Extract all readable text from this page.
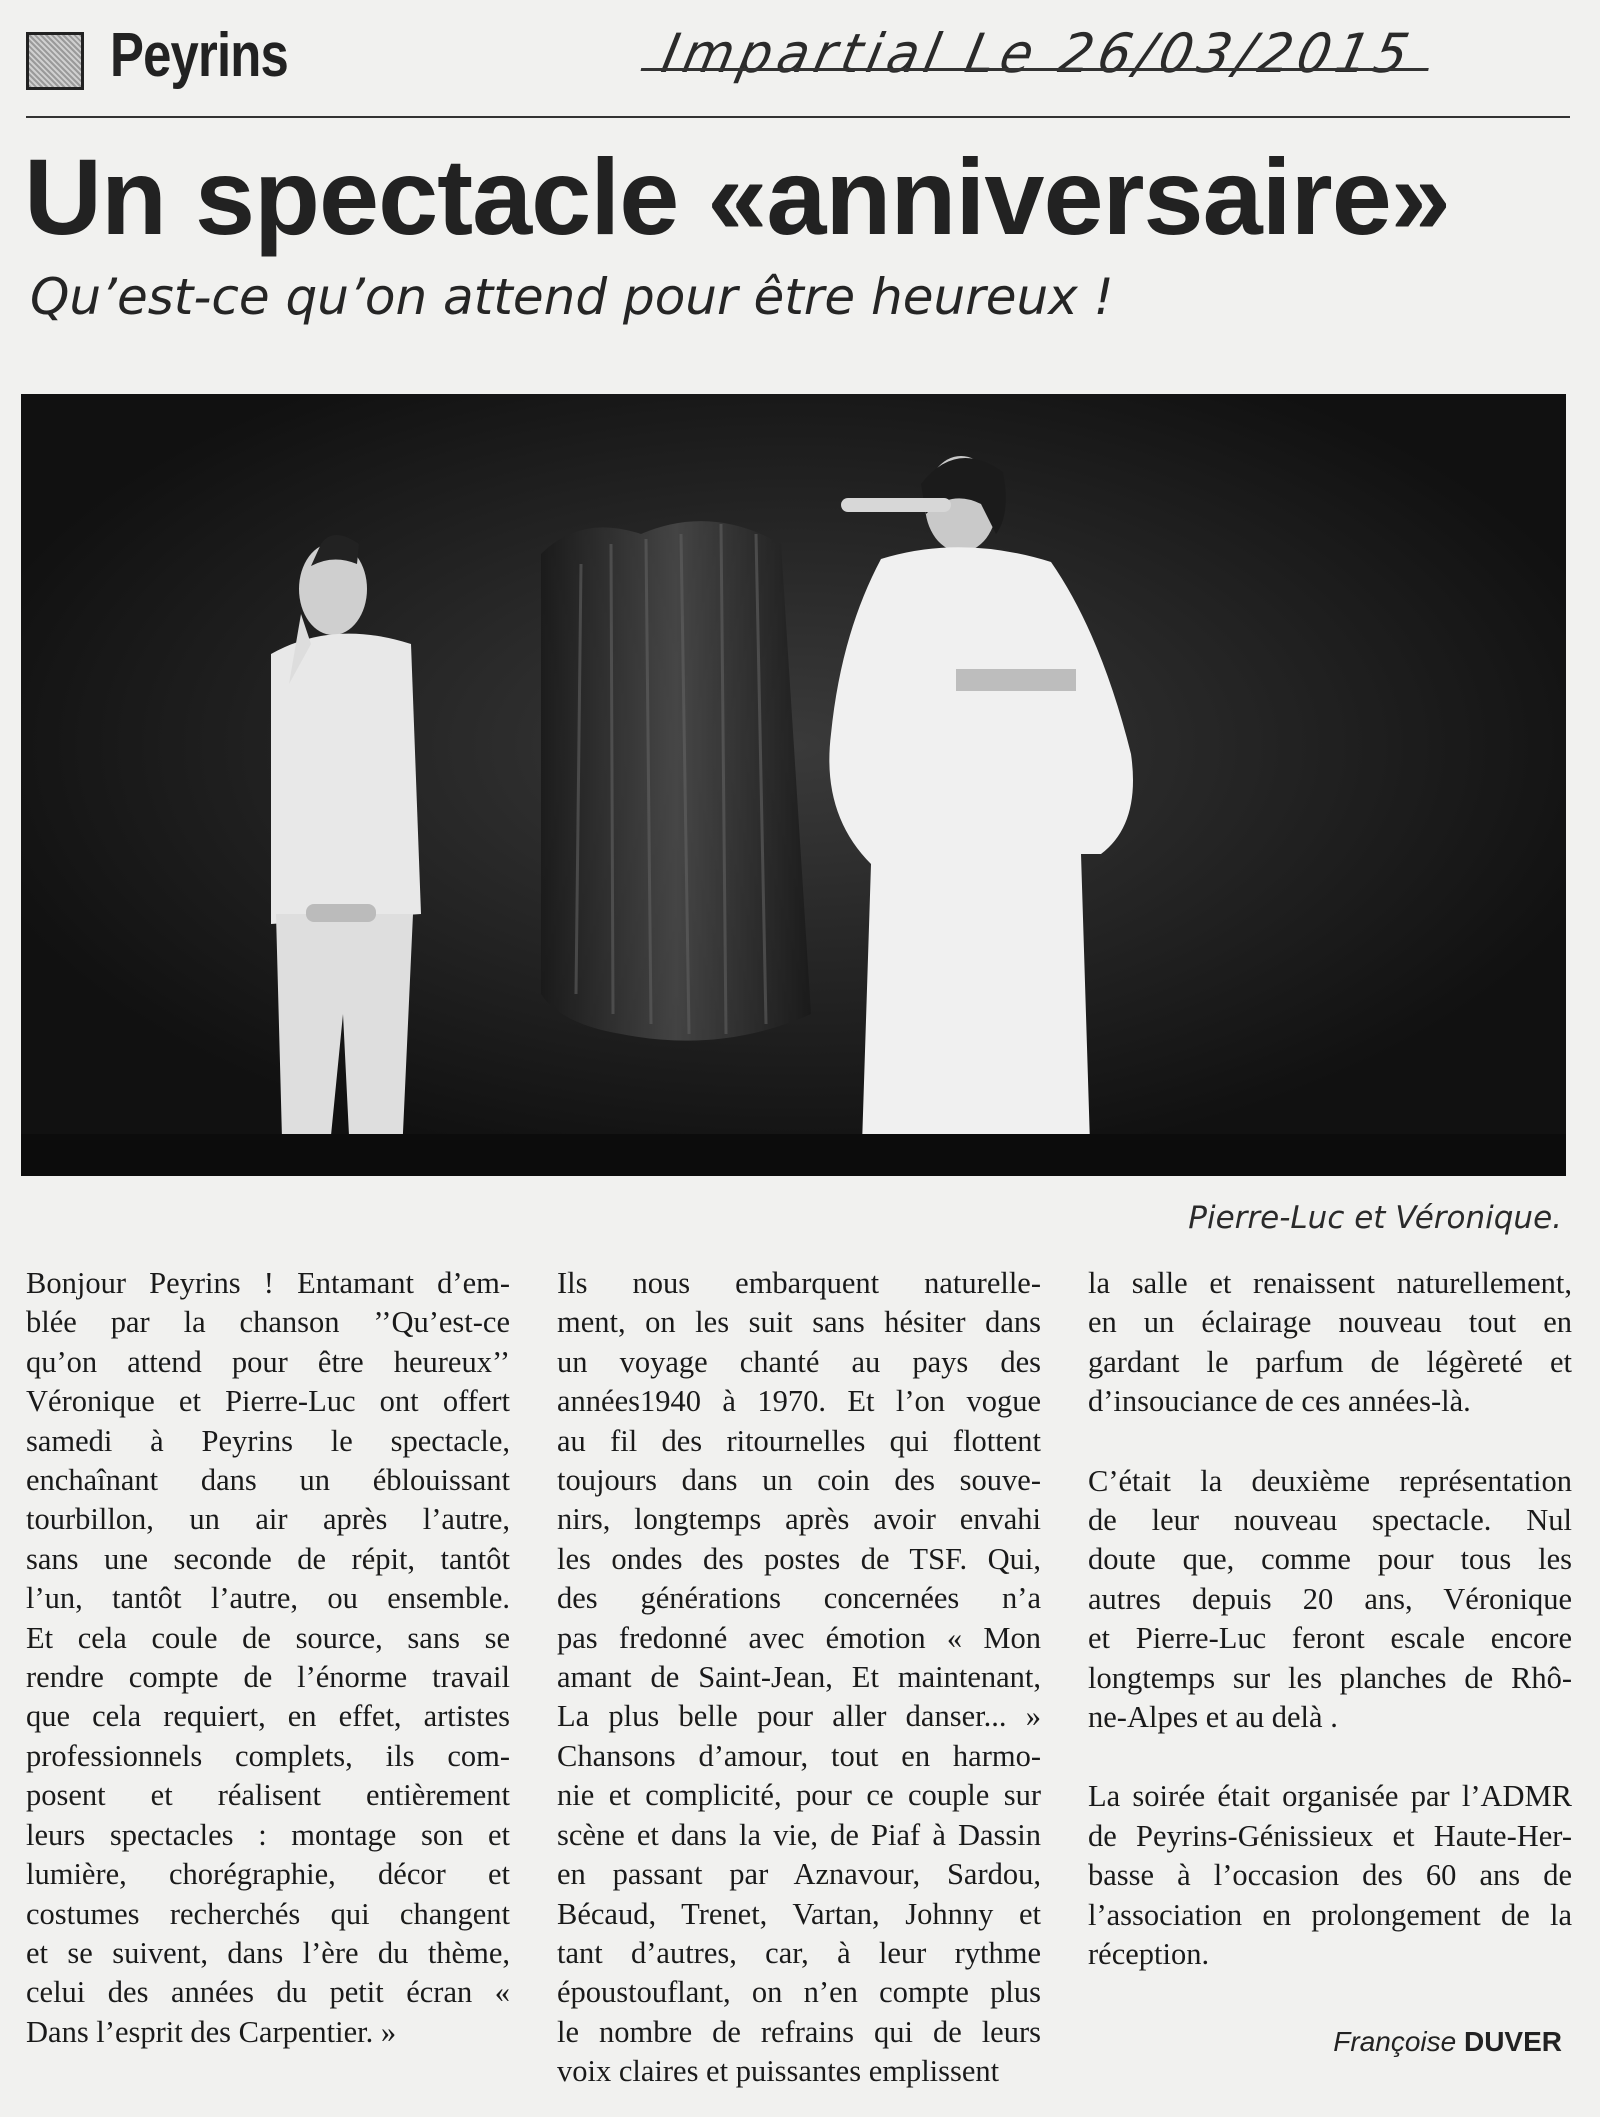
Peyrins	Impartial Le 26/03/2015
Un spectacle «anniversaire»
Qu’est-ce qu’on attend pour être heureux !
Pierre-Luc et Véronique.
Bonjour Peyrins ! Entamant d’em-
blée par la chanson ’’Qu’est-ce
qu’on attend pour être heureux’’
Véronique et Pierre-Luc ont offert
samedi à Peyrins le spectacle,
enchaînant dans un éblouissant
tourbillon, un air après l’autre,
sans une seconde de répit, tantôt
l’un, tantôt l’autre, ou ensemble.
Et cela coule de source, sans se
rendre compte de l’énorme travail
que cela requiert, en effet, artistes
professionnels complets, ils com-
posent et réalisent entièrement
leurs spectacles : montage son et
lumière, chorégraphie, décor et
costumes recherchés qui changent
et se suivent, dans l’ère du thème,
celui des années du petit écran «
Dans l’esprit des Carpentier. »
Ils nous embarquent naturelle-
ment, on les suit sans hésiter dans
un voyage chanté au pays des
années1940 à 1970. Et l’on vogue
au fil des ritournelles qui flottent
toujours dans un coin des souve-
nirs, longtemps après avoir envahi
les ondes des postes de TSF. Qui,
des générations concernées n’a
pas fredonné avec émotion « Mon
amant de Saint-Jean, Et maintenant,
La plus belle pour aller danser... »
Chansons d’amour, tout en harmo-
nie et complicité, pour ce couple sur
scène et dans la vie, de Piaf à Dassin
en passant par Aznavour, Sardou,
Bécaud, Trenet, Vartan, Johnny et
tant d’autres, car, à leur rythme
époustouflant, on n’en compte plus
le nombre de refrains qui de leurs
voix claires et puissantes emplissent

la salle et renaissent naturellement,
en un éclairage nouveau tout en
gardant le parfum de légèreté et
d’insouciance de ces années-là.

C’était la deuxième représentation
de leur nouveau spectacle. Nul
doute que, comme pour tous les
autres depuis 20 ans, Véronique
et Pierre-Luc feront escale encore
longtemps sur les planches de Rhô-
ne-Alpes et au delà .

La soirée était organisée par l’ADMR
de Peyrins-Génissieux et Haute-Her-
basse à l’occasion des 60 ans de
l’association en prolongement de la
réception.

Françoise DUVER
